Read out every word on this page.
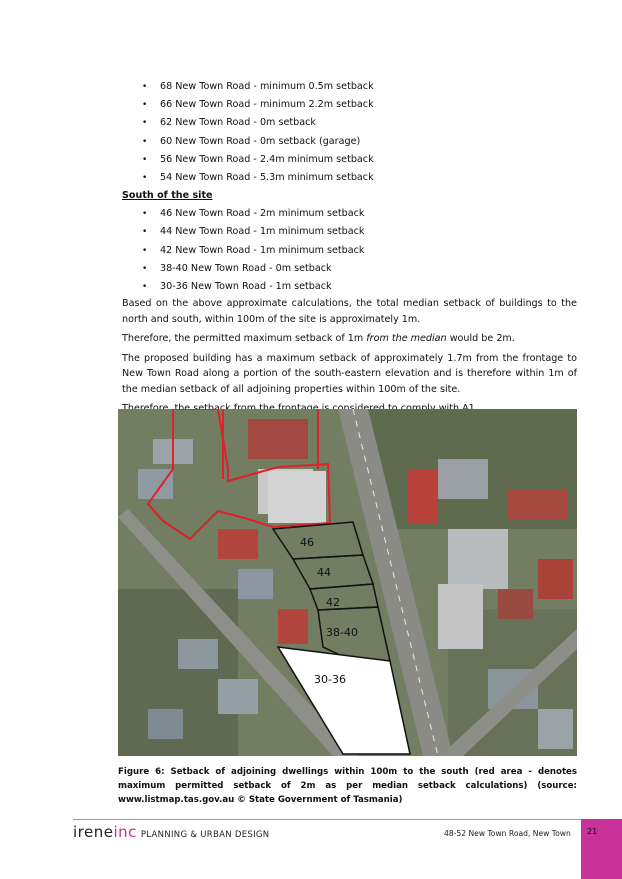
• 68 New Town Road - minimum 0.5m setback
• 66 New Town Road - minimum 2.2m setback
• 62 New Town Road - 0m setback
• 60 New Town Road - 0m setback (garage)
• 56 New Town Road - 2.4m minimum setback
• 54 New Town Road - 5.3m minimum setback
South of the site
• 46 New Town Road - 2m minimum setback
• 44 New Town Road - 1m minimum setback
• 42 New Town Road - 1m minimum setback
• 38-40 New Town Road - 0m setback
• 30-36 New Town Road - 1m setback

Based on the above approximate calculations, the total median setback of buildings to the north and south, within 100m of the site is approximately 1m.

Therefore, the permitted maximum setback of 1m from the median would be 2m.

The proposed building has a maximum setback of approximately 1.7m from the frontage to New Town Road along a portion of the south-eastern elevation and is therefore within 1m of the median setback of all adjoining properties within 100m of the site.

46
44
42
38-40
30-36
Figure 6: Setback of adjoining dwellings within 100m to the south (red area - denotes maximum permitted setback of 2m as per median setback calculations) (source: www.listmap.tas.gov.au © State Government of Tasmania)
ireneinc PLANNING & URBAN DESIGN	48-52 New Town Road, New Town 21
